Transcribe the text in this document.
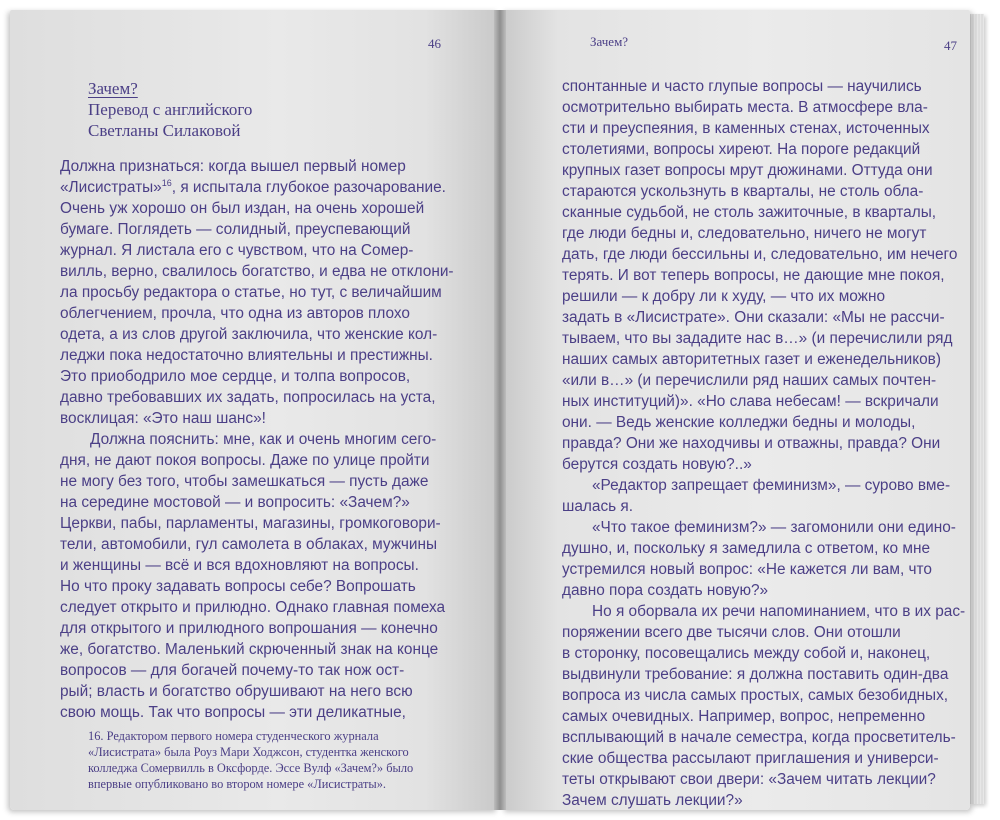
46
Зачем?
Перевод с английского
Светланы Силаковой
Должна признаться: когда вышел первый номер
«Лисистраты»$^{16}$, я испытала глубокое разочарование.
Очень уж хорошо он был издан, на очень хорошей
бумаге. Поглядеть — солидный, преуспевающий
журнал. Я листала его с чувством, что на Сомер-
вилль, верно, свалилось богатство, и едва не отклони-
ла просьбу редактора о статье, но тут, с величайшим
облегчением, прочла, что одна из авторов плохо
одета, а из слов другой заключила, что женские кол-
леджи пока недостаточно влиятельны и престижны.
Это приободрило мое сердце, и толпа вопросов,
давно требовавших их задать, попросилась на уста,
восклицая: «Это наш шанс»!
Должна пояснить: мне, как и очень многим сего-
дня, не дают покоя вопросы. Даже по улице пройти
не могу без того, чтобы замешкаться — пусть даже
на середине мостовой — и вопросить: «Зачем?»
Церкви, пабы, парламенты, магазины, громкоговори-
тели, автомобили, гул самолета в облаках, мужчины
и женщины — всё и вся вдохновляют на вопросы.
Но что проку задавать вопросы себе? Вопрошать
следует открыто и прилюдно. Однако главная помеха
для открытого и прилюдного вопрошания — конечно
же, богатство. Маленький скрюченный знак на конце
вопросов — для богачей почему-то так нож ост-
рый; власть и богатство обрушивают на него всю
свою мощь. Так что вопросы — эти деликатные,
16. Редактором первого номера студенческого журнала
«Лисистрата» была Роуз Мари Ходжсон, студентка женского
колледжа Сомервилль в Оксфорде. Эссе Вулф «Зачем?» было
впервые опубликовано во втором номере «Лисистраты».
Зачем?	47
спонтанные и часто глупые вопросы — научились
осмотрительно выбирать места. В атмосфере вла-
сти и преуспеяния, в каменных стенах, источенных
столетиями, вопросы хиреют. На пороге редакций
крупных газет вопросы мрут дюжинами. Оттуда они
стараются ускользнуть в кварталы, не столь обла-
сканные судьбой, не столь зажиточные, в кварталы,
где люди бедны и, следовательно, ничего не могут
дать, где люди бессильны и, следовательно, им нечего
терять. И вот теперь вопросы, не дающие мне покоя,
решили — к добру ли к худу, — что их можно
задать в «Лисистрате». Они сказали: «Мы не рассчи-
тываем, что вы зададите нас в…» (и перечислили ряд
наших самых авторитетных газет и еженедельников)
«или в…» (и перечислили ряд наших самых почтен-
ных институций)». «Но слава небесам! — вскричали
они. — Ведь женские колледжи бедны и молоды,
правда? Они же находчивы и отважны, правда? Они
берутся создать новую?..»
«Редактор запрещает феминизм», — сурово вме-
шалась я.
«Что такое феминизм?» — загомонили они едино-
душно, и, поскольку я замедлила с ответом, ко мне
устремился новый вопрос: «Не кажется ли вам, что
давно пора создать новую?»
Но я оборвала их речи напоминанием, что в их рас-
поряжении всего две тысячи слов. Они отошли
в сторонку, посовещались между собой и, наконец,
выдвинули требование: я должна поставить один-два
вопроса из числа самых простых, самых безобидных,
самых очевидных. Например, вопрос, непременно
всплывающий в начале семестра, когда просветитель-
ские общества рассылают приглашения и универси-
теты открывают свои двери: «Зачем читать лекции?
Зачем слушать лекции?»
